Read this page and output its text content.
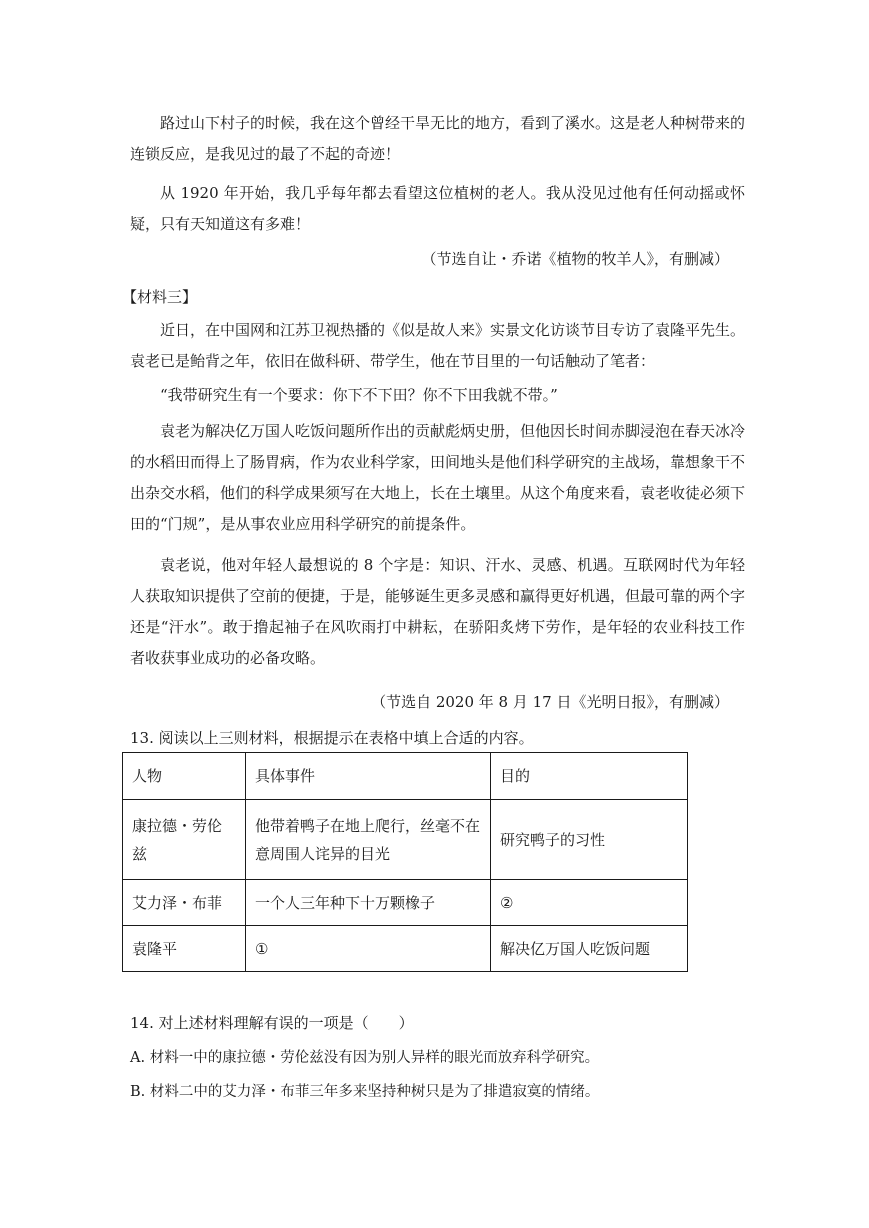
路过山下村子的时候，我在这个曾经干旱无比的地方，看到了溪水。这是老人种树带来的连锁反应，是我见过的最了不起的奇迹！

从 1920 年开始，我几乎每年都去看望这位植树的老人。我从没见过他有任何动摇或怀疑，只有天知道这有多难！

（节选自让・乔诺《植物的牧羊人》，有删减）

【材料三】

近日，在中国网和江苏卫视热播的《似是故人来》实景文化访谈节目专访了袁隆平先生。袁老已是鲐背之年，依旧在做科研、带学生，他在节目里的一句话触动了笔者：

“我带研究生有一个要求：你下不下田？你不下田我就不带。”

袁老为解决亿万国人吃饭问题所作出的贡献彪炳史册，但他因长时间赤脚浸泡在春天冰冷的水稻田而得上了肠胃病，作为农业科学家，田间地头是他们科学研究的主战场，靠想象干不出杂交水稻，他们的科学成果须写在大地上，长在土壤里。从这个角度来看，袁老收徒必须下田的“门规”，是从事农业应用科学研究的前提条件。

袁老说，他对年轻人最想说的 8 个字是：知识、汗水、灵感、机遇。互联网时代为年轻人获取知识提供了空前的便捷，于是，能够诞生更多灵感和赢得更好机遇，但最可靠的两个字还是“汗水”。敢于撸起袖子在风吹雨打中耕耘，在骄阳炙烤下劳作，是年轻的农业科技工作者收获事业成功的必备攻略。

（节选自 2020 年 8 月 17 日《光明日报》，有删减）

13. 阅读以上三则材料，根据提示在表格中填上合适的内容。

人物	具体事件	目的
康拉德・劳伦兹	他带着鸭子在地上爬行，丝毫不在意周围人诧异的目光	研究鸭子的习性
艾力泽・布菲	一个人三年种下十万颗橡子	②
袁隆平	①	解决亿万国人吃饭问题

14. 对上述材料理解有误的一项是（　　）

A. 材料一中的康拉德・劳伦兹没有因为别人异样的眼光而放弃科学研究。
B. 材料二中的艾力泽・布菲三年多来坚持种树只是为了排遣寂寞的情绪。
